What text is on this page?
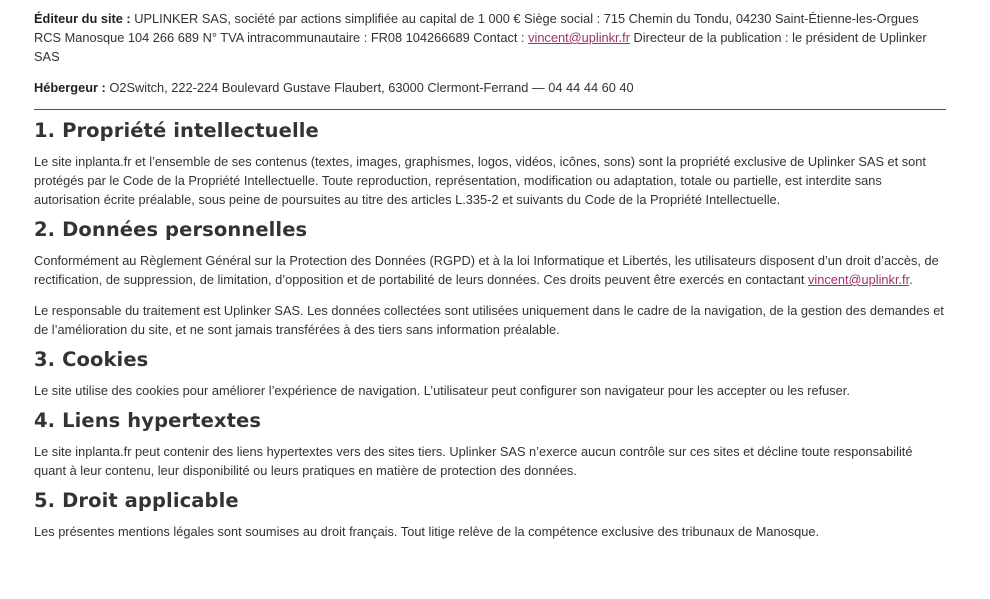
Éditeur du site : UPLINKER SAS, société par actions simplifiée au capital de 1 000 € Siège social : 715 Chemin du Tondu, 04230 Saint-Étienne-les-Orgues RCS Manosque 104 266 689 N° TVA intracommunautaire : FR08 104266689 Contact : vincent@uplinkr.fr Directeur de la publication : le président de Uplinker SAS

Hébergeur : O2Switch, 222-224 Boulevard Gustave Flaubert, 63000 Clermont-Ferrand — 04 44 44 60 40

1. Propriété intellectuelle

Le site inplanta.fr et l’ensemble de ses contenus (textes, images, graphismes, logos, vidéos, icônes, sons) sont la propriété exclusive de Uplinker SAS et sont protégés par le Code de la Propriété Intellectuelle. Toute reproduction, représentation, modification ou adaptation, totale ou partielle, est interdite sans autorisation écrite préalable, sous peine de poursuites au titre des articles L.335-2 et suivants du Code de la Propriété Intellectuelle.

2. Données personnelles

Conformément au Règlement Général sur la Protection des Données (RGPD) et à la loi Informatique et Libertés, les utilisateurs disposent d’un droit d’accès, de rectification, de suppression, de limitation, d’opposition et de portabilité de leurs données. Ces droits peuvent être exercés en contactant vincent@uplinkr.fr.

Le responsable du traitement est Uplinker SAS. Les données collectées sont utilisées uniquement dans le cadre de la navigation, de la gestion des demandes et de l’amélioration du site, et ne sont jamais transférées à des tiers sans information préalable.

3. Cookies

Le site utilise des cookies pour améliorer l’expérience de navigation. L’utilisateur peut configurer son navigateur pour les accepter ou les refuser.

4. Liens hypertextes

Le site inplanta.fr peut contenir des liens hypertextes vers des sites tiers. Uplinker SAS n’exerce aucun contrôle sur ces sites et décline toute responsabilité quant à leur contenu, leur disponibilité ou leurs pratiques en matière de protection des données.

5. Droit applicable

Les présentes mentions légales sont soumises au droit français. Tout litige relève de la compétence exclusive des tribunaux de Manosque.
